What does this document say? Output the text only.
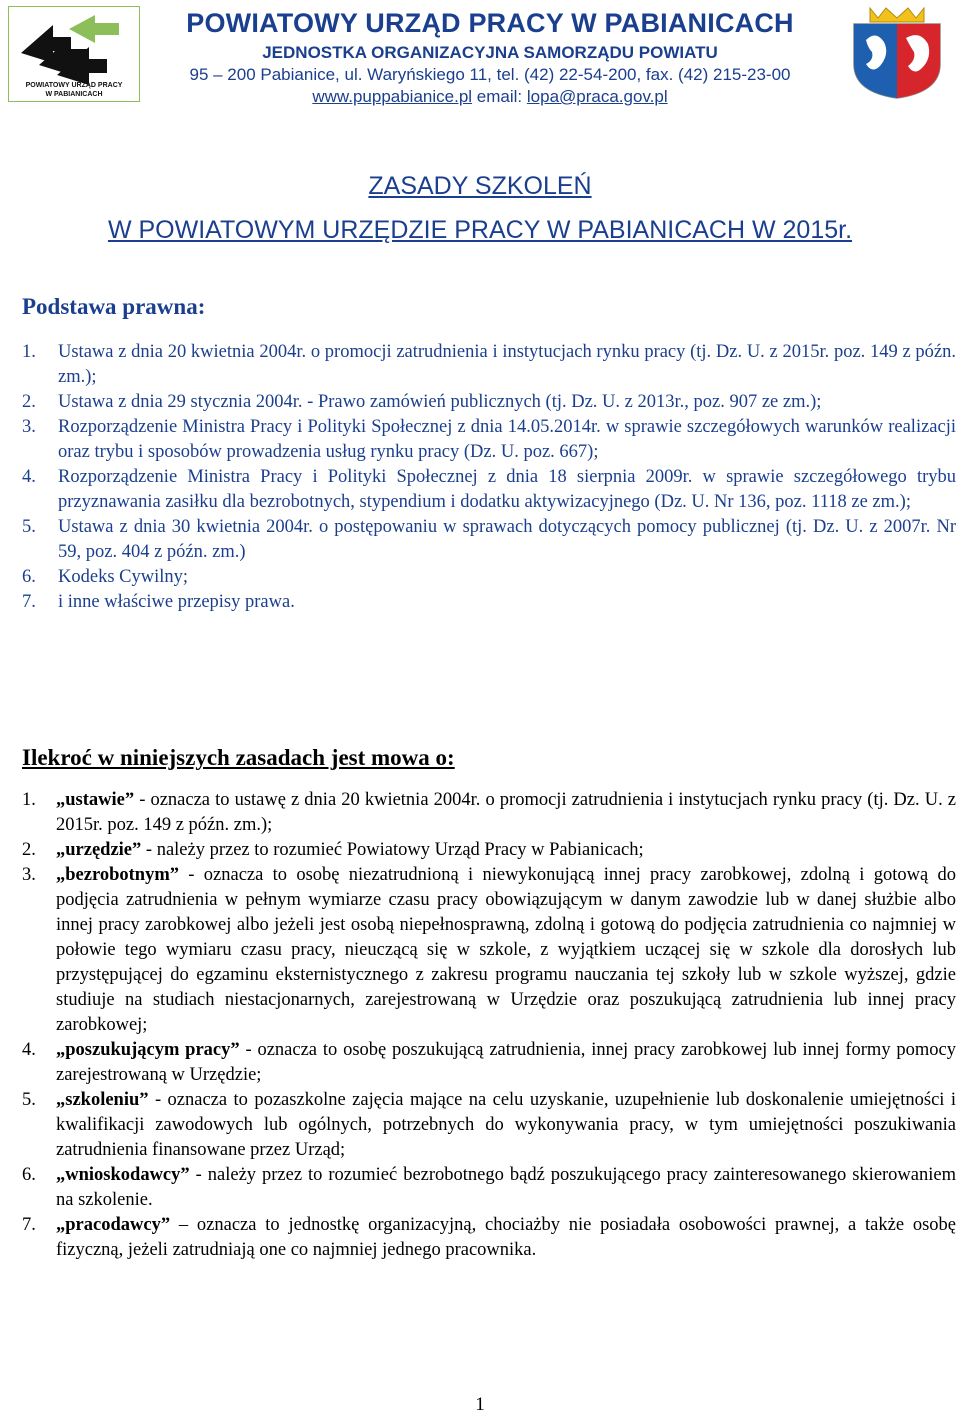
POWIATOWY URZĄD PRACY
W PABIANICACH
POWIATOWY URZĄD PRACY W PABIANICACH
JEDNOSTKA ORGANIZACYJNA SAMORZĄDU POWIATU
95 – 200 Pabianice, ul. Waryńskiego 11, tel. (42) 22-54-200, fax. (42) 215-23-00
www.puppabianice.pl email: lopa@praca.gov.pl
ZASADY SZKOLEŃ
W POWIATOWYM URZĘDZIE PRACY W PABIANICACH W 2015r.
Podstawa prawna:
1. Ustawa z dnia 20 kwietnia 2004r. o promocji zatrudnienia i instytucjach rynku pracy (tj. Dz. U. z 2015r. poz. 149 z późn. zm.);
2. Ustawa z dnia 29 stycznia 2004r. - Prawo zamówień publicznych (tj. Dz. U. z 2013r., poz. 907 ze zm.);
3. Rozporządzenie Ministra Pracy i Polityki Społecznej z dnia 14.05.2014r. w sprawie szczegółowych warunków realizacji oraz trybu i sposobów prowadzenia usług rynku pracy (Dz. U. poz. 667);
4. Rozporządzenie Ministra Pracy i Polityki Społecznej z dnia 18 sierpnia 2009r. w sprawie szczegółowego trybu przyznawania zasiłku dla bezrobotnych, stypendium i dodatku aktywizacyjnego (Dz. U. Nr 136, poz. 1118 ze zm.);
5. Ustawa z dnia 30 kwietnia 2004r. o postępowaniu w sprawach dotyczących pomocy publicznej (tj. Dz. U. z 2007r. Nr 59, poz. 404 z późn. zm.)
6. Kodeks Cywilny;
7. i inne właściwe przepisy prawa.
Ilekroć w niniejszych zasadach jest mowa o:
1. „ustawie” - oznacza to ustawę z dnia 20 kwietnia 2004r. o promocji zatrudnienia i instytucjach rynku pracy (tj. Dz. U. z 2015r. poz. 149 z późn. zm.);
2. „urzędzie” - należy przez to rozumieć Powiatowy Urząd Pracy w Pabianicach;
3. „bezrobotnym” - oznacza to osobę niezatrudnioną i niewykonującą innej pracy zarobkowej, zdolną i gotową do podjęcia zatrudnienia w pełnym wymiarze czasu pracy obowiązującym w danym zawodzie lub w danej służbie albo innej pracy zarobkowej albo jeżeli jest osobą niepełnosprawną, zdolną i gotową do podjęcia zatrudnienia co najmniej w połowie tego wymiaru czasu pracy, nieuczącą się w szkole, z wyjątkiem uczącej się w szkole dla dorosłych lub przystępującej do egzaminu eksternistycznego z zakresu programu nauczania tej szkoły lub w szkole wyższej, gdzie studiuje na studiach niestacjonarnych, zarejestrowaną w Urzędzie oraz poszukującą zatrudnienia lub innej pracy zarobkowej;
4. „poszukującym pracy” - oznacza to osobę poszukującą zatrudnienia, innej pracy zarobkowej lub innej formy pomocy zarejestrowaną w Urzędzie;
5. „szkoleniu” - oznacza to pozaszkolne zajęcia mające na celu uzyskanie, uzupełnienie lub doskonalenie umiejętności i kwalifikacji zawodowych lub ogólnych, potrzebnych do wykonywania pracy, w tym umiejętności poszukiwania zatrudnienia finansowane przez Urząd;
6. „wnioskodawcy” - należy przez to rozumieć bezrobotnego bądź poszukującego pracy zainteresowanego skierowaniem na szkolenie.
7. „pracodawcy” – oznacza to jednostkę organizacyjną, chociażby nie posiadała osobowości prawnej, a także osobę fizyczną, jeżeli zatrudniają one co najmniej jednego pracownika.
1
